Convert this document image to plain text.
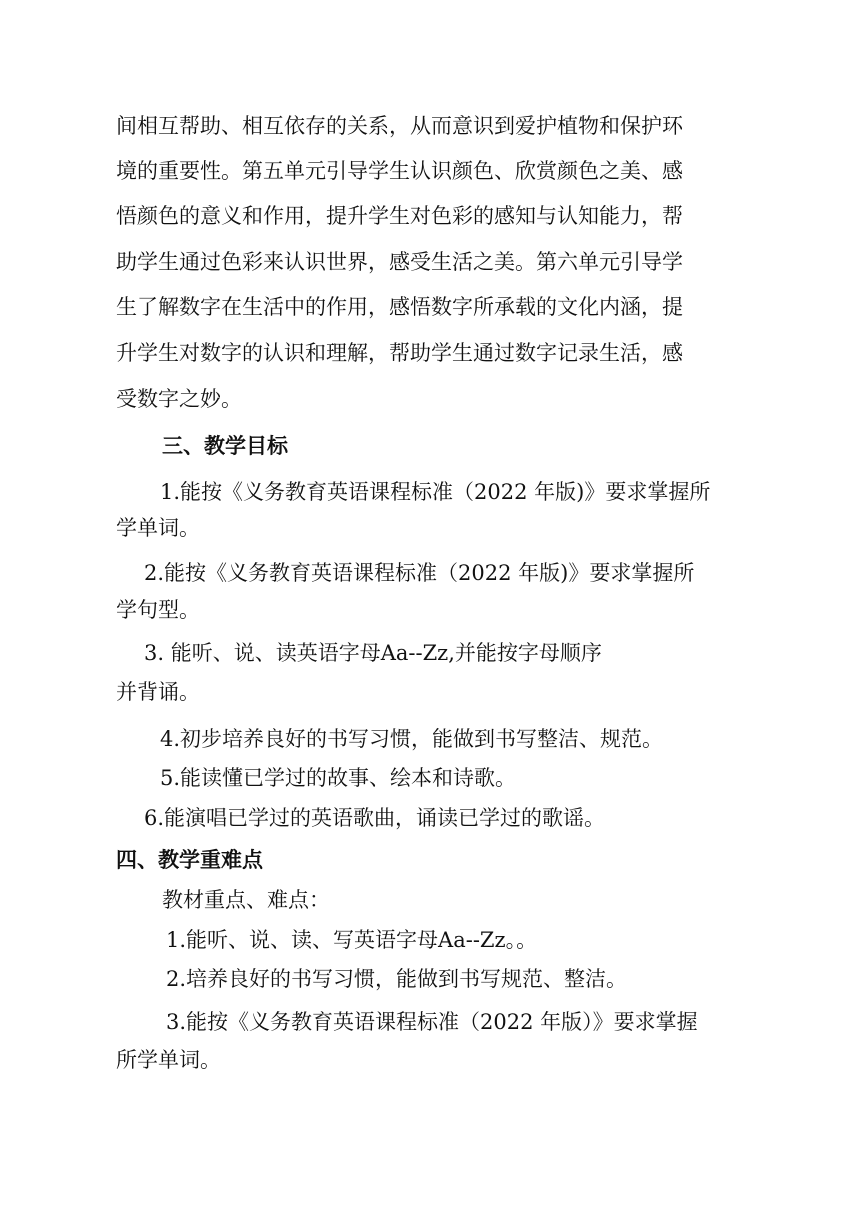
间相互帮助、相互依存的关系，从而意识到爱护植物和保护环
境的重要性。第五单元引导学生认识颜色、欣赏颜色之美、感
悟颜色的意义和作用，提升学生对色彩的感知与认知能力，帮
助学生通过色彩来认识世界，感受生活之美。第六单元引导学
生了解数字在生活中的作用，感悟数字所承载的文化内涵，提
升学生对数字的认识和理解，帮助学生通过数字记录生活，感
受数字之妙。
三、教学目标
1.能按《义务教育英语课程标准（2022 年版)》要求掌握所
学单词。
2.能按《义务教育英语课程标准（2022 年版)》要求掌握所
学句型。
3. 能听、说、读英语字母Aa--Zz,并能按字母顺序
并背诵。
4.初步培养良好的书写习惯，能做到书写整洁、规范。
5.能读懂已学过的故事、绘本和诗歌。
6.能演唱已学过的英语歌曲，诵读已学过的歌谣。
四、教学重难点
教材重点、难点：
1.能听、说、读、写英语字母Aa--Zz。。
2.培养良好的书写习惯，能做到书写规范、整洁。
3.能按《义务教育英语课程标准（2022 年版）》要求掌握
所学单词。
